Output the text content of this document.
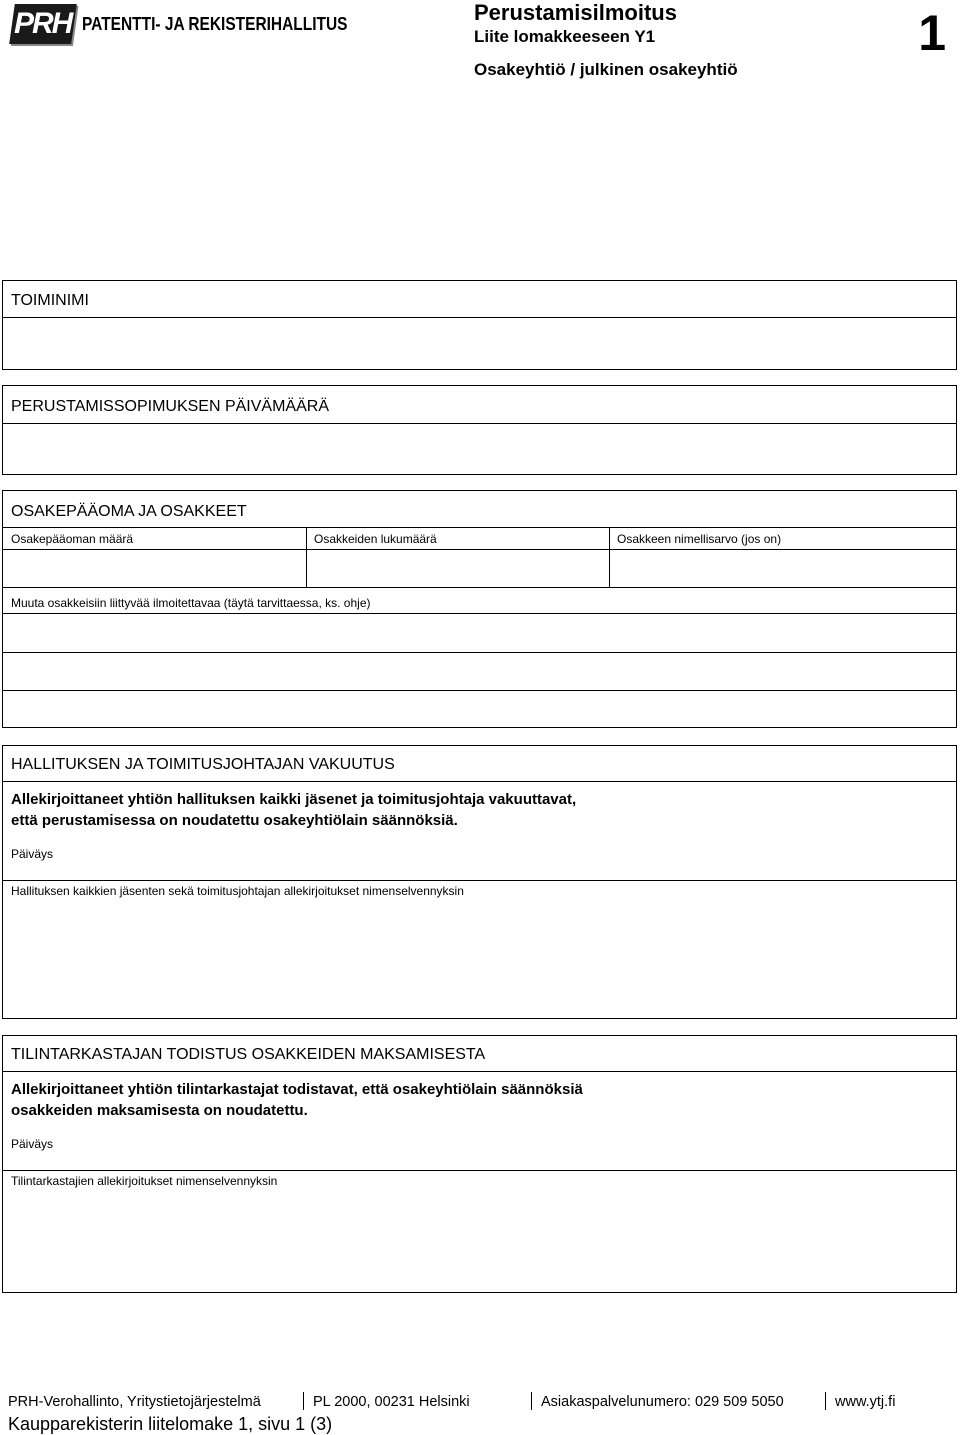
PRH PATENTTI- JA REKISTERIHALLITUS	Perustamisilmoitus
Liite lomakkeeseen Y1
Osakeyhtiö / julkinen osakeyhtiö
1
TOIMINIMI
PERUSTAMISSOPIMUKSEN PÄIVÄMÄÄRÄ
OSAKEPÄÄOMA JA OSAKKEET
Osakepääoman määrä	Osakkeiden lukumäärä	Osakkeen nimellisarvo (jos on)
Muuta osakkeisiin liittyvää ilmoitettavaa (täytä tarvittaessa, ks. ohje)
HALLITUKSEN JA TOIMITUSJOHTAJAN VAKUUTUS
Allekirjoittaneet yhtiön hallituksen kaikki jäsenet ja toimitusjohtaja vakuuttavat,
että perustamisessa on noudatettu osakeyhtiölain säännöksiä.
Päiväys
Hallituksen kaikkien jäsenten sekä toimitusjohtajan allekirjoitukset nimenselvennyksin
TILINTARKASTAJAN TODISTUS OSAKKEIDEN MAKSAMISESTA
Allekirjoittaneet yhtiön tilintarkastajat todistavat, että osakeyhtiölain säännöksiä
osakkeiden maksamisesta on noudatettu.
Päiväys
Tilintarkastajien allekirjoitukset nimenselvennyksin
PRH-Verohallinto, Yritystietojärjestelmä	PL 2000, 00231 Helsinki	Asiakaspalvelunumero: 029 509 5050	www.ytj.fi
Kaupparekisterin liitelomake 1, sivu 1 (3)
